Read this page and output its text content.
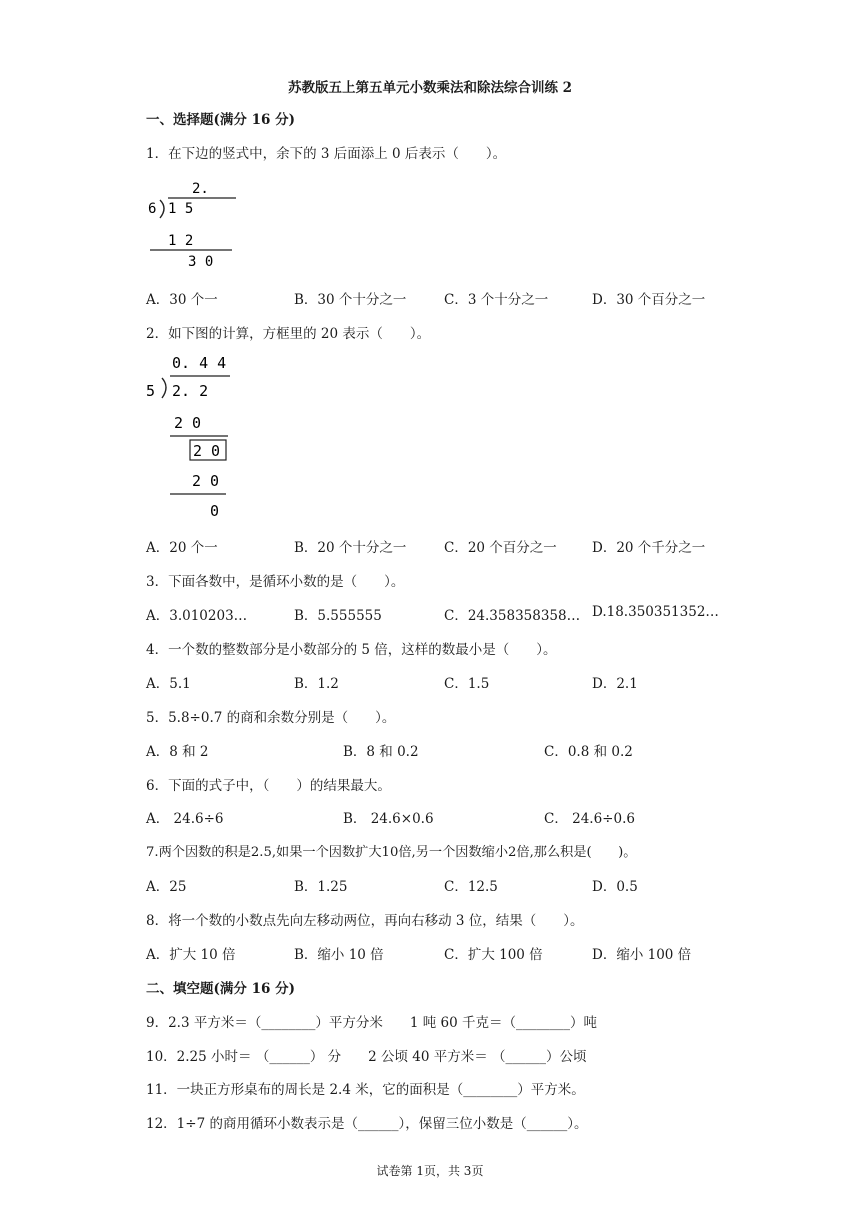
苏教版五上第五单元小数乘法和除法综合训练 2
一、选择题(满分 16 分)
1．在下边的竖式中，余下的 3 后面添上 0 后表示（　　）。
2.
6 1 5
1 2
3 0
A．30 个一	B．30 个十分之一	C．3 个十分之一	D．30 个百分之一
2．如下图的计算，方框里的 20 表示（　　）。
0. 4 4
5 2. 2
2 0
2 0
2 0
0
A．20 个一	B．20 个十分之一	C．20 个百分之一	D．20 个千分之一
3．下面各数中，是循环小数的是（　　）。
A．3.010203…	B．5.555555	C．24.358358358… D.18.350351352…
4．一个数的整数部分是小数部分的 5 倍，这样的数最小是（　　）。
A．5.1	B．1.2	C．1.5	D．2.1
5．5.8÷0.7 的商和余数分别是（　　）。
A．8 和 2	B．8 和 0.2	C．0.8 和 0.2
6．下面的式子中，（　　）的结果最大。
A． 24.6÷6	B． 24.6×0.6	C． 24.6÷0.6
7.两个因数的积是2.5,如果一个因数扩大10倍,另一个因数缩小2倍,那么积是(　　)。
A．25	B．1.25	C．12.5	D．0.5
8．将一个数的小数点先向左移动两位，再向右移动 3 位，结果（　　）。
A．扩大 10 倍	B．缩小 10 倍	C．扩大 100 倍	D．缩小 100 倍
二、填空题(满分 16 分)
9．2.3 平方米＝（________）平方分米　　1 吨 60 千克＝（________）吨
10．2.25 小时＝ （______） 分　　2 公顷 40 平方米＝ （______）公顷
11．一块正方形桌布的周长是 2.4 米，它的面积是（________）平方米。
12．1÷7 的商用循环小数表示是（______），保留三位小数是（______）。
试卷第 1页，共 3页
